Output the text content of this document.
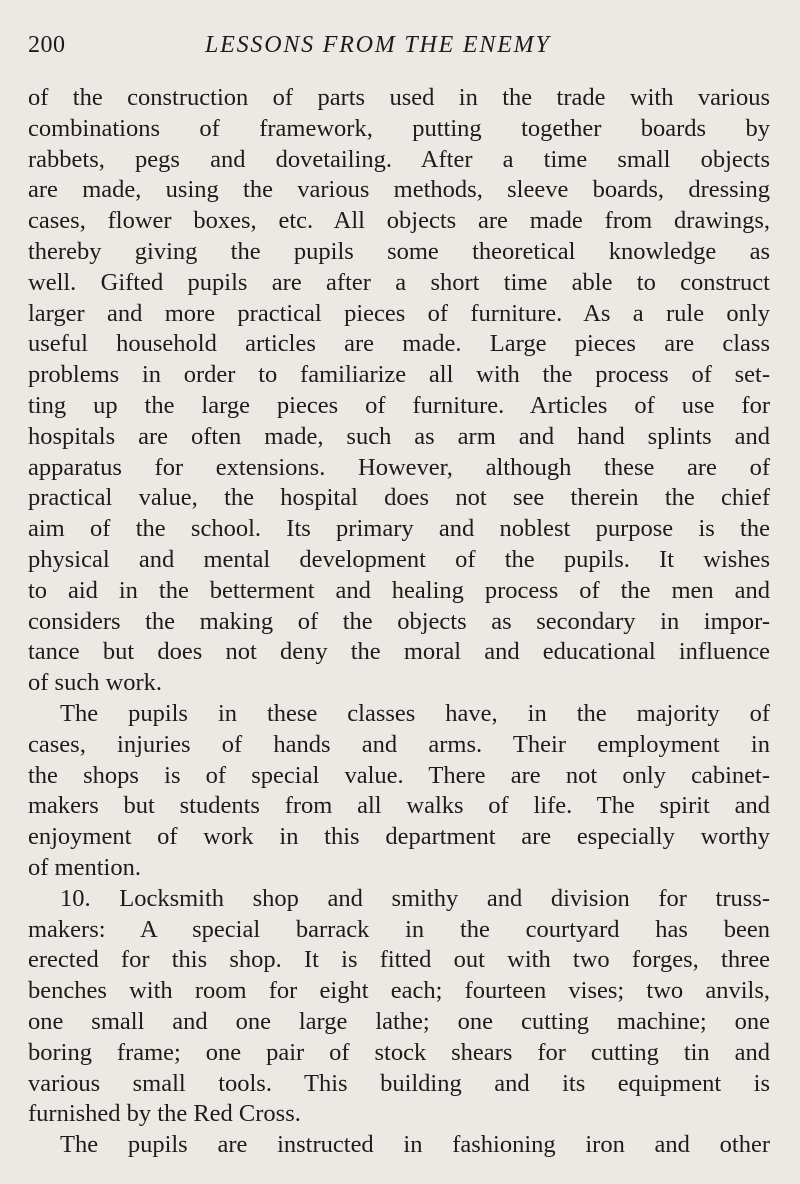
200	LESSONS FROM THE ENEMY
of the construction of parts used in the trade with various
combinations of framework, putting together boards by
rabbets, pegs and dovetailing. After a time small objects
are made, using the various methods, sleeve boards, dressing
cases, flower boxes, etc. All objects are made from drawings,
thereby giving the pupils some theoretical knowledge as
well. Gifted pupils are after a short time able to construct
larger and more practical pieces of furniture. As a rule only
useful household articles are made. Large pieces are class
problems in order to familiarize all with the process of set-
ting up the large pieces of furniture. Articles of use for
hospitals are often made, such as arm and hand splints and
apparatus for extensions. However, although these are of
practical value, the hospital does not see therein the chief
aim of the school. Its primary and noblest purpose is the
physical and mental development of the pupils. It wishes
to aid in the betterment and healing process of the men and
considers the making of the objects as secondary in impor-
tance but does not deny the moral and educational influence
of such work.
The pupils in these classes have, in the majority of
cases, injuries of hands and arms. Their employment in
the shops is of special value. There are not only cabinet-
makers but students from all walks of life. The spirit and
enjoyment of work in this department are especially worthy
of mention.
10. Locksmith shop and smithy and division for truss-
makers: A special barrack in the courtyard has been
erected for this shop. It is fitted out with two forges, three
benches with room for eight each; fourteen vises; two anvils,
one small and one large lathe; one cutting machine; one
boring frame; one pair of stock shears for cutting tin and
various small tools. This building and its equipment is
furnished by the Red Cross.
The pupils are instructed in fashioning iron and other
